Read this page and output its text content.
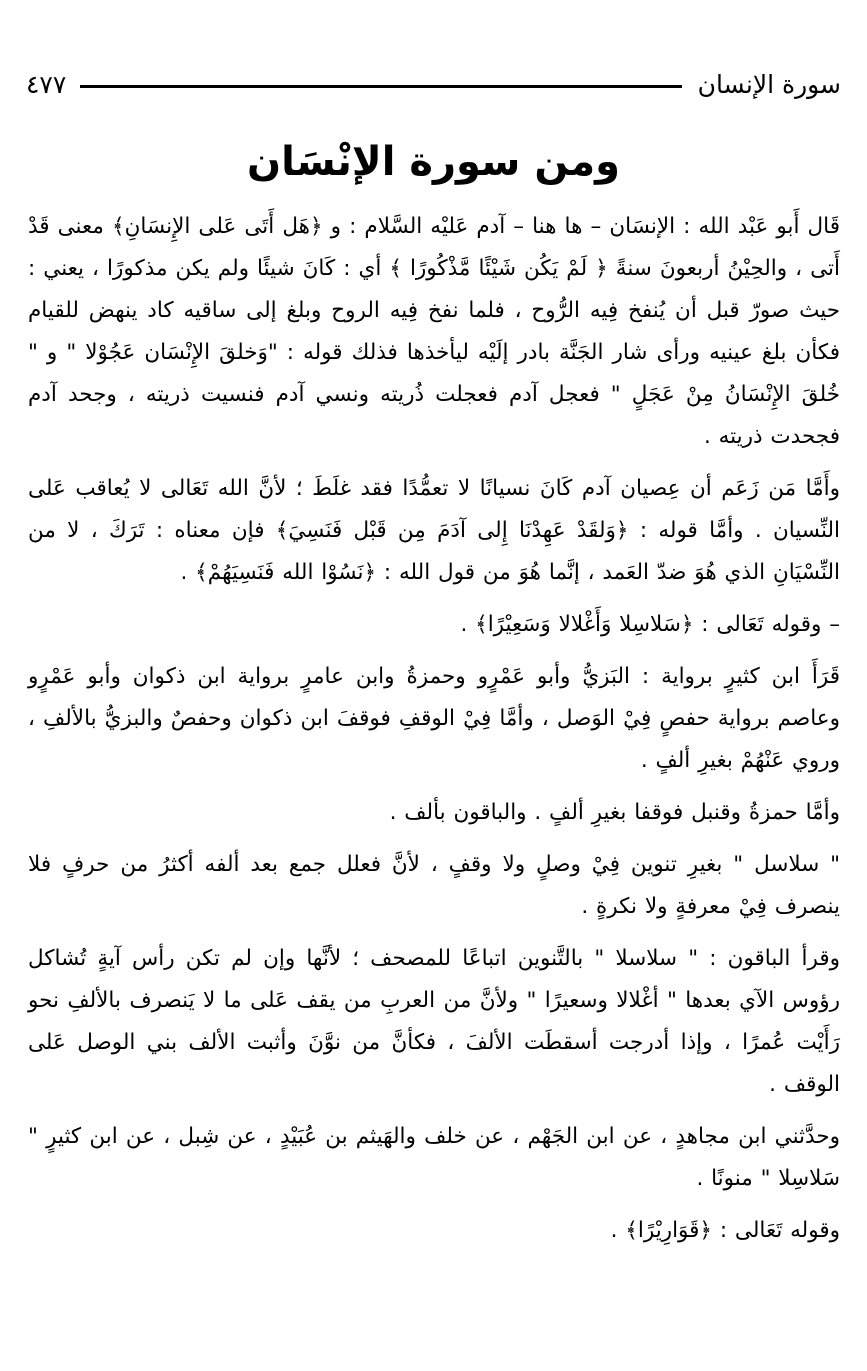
سورة الإنسان
٤٧٧
ومن سورة الإنْسَان

قَال أَبو عَبْد الله : الإنسَان – ها هنا – آدم عَليْه السَّلام : و ﴿هَل أَتَى عَلى الإِنسَانِ﴾ معنى قَدْ أَتى ، والحِيْنُ أربعونَ سنةً ﴿ لَمْ يَكُن شَيْئًا مَّذْكُورًا ﴾ أي : كَانَ شيئًا ولم يكن مذكورًا ، يعني : حيث صورّ قبل أن يُنفخ فِيه الرُّوح ، فلما نفخ فِيه الروح وبلغ إلى ساقيه كاد ينهض للقيام فكأن بلغ عينيه ورأى شار الجَنَّة بادر إلَيْه ليأخذها فذلك قوله : "وَخلقَ الإِنْسَان عَجُوْلا " و " خُلقَ الإِنْسَانُ مِنْ عَجَلٍ " فعجل آدم فعجلت ذُريته ونسي آدم فنسيت ذريته ، وجحد آدم فجحدت ذريته .

وأَمَّا مَن زَعَم أن عِصيان آدم كَانَ نسيانًا لا تعمُّدًا فقد غلَطَ ؛ لأنَّ الله تَعَالى لا يُعاقب عَلى النِّسيان . وأمَّا قوله : ﴿وَلقَدْ عَهِدْنَا إِلى آدَمَ مِن قَبْل فَنَسِيَ﴾ فإن معناه : تَرَكَ ، لا من النِّسْيَانِ الذي هُوَ ضدّ العَمد ، إنَّما هُوَ من قول الله : ﴿نَسُوْا الله فَنَسِيَهُمْ﴾ .

– وقوله تَعَالى : ﴿سَلاسِلا وَأَغْلالا وَسَعِيْرًا﴾ .

قَرَأَ ابن كثيرٍ برواية : البَزيُّ وأبو عَمْرٍو وحمزةُ وابن عامرٍ برواية ابن ذكوان وأبو عَمْرٍو وعاصم برواية حفصٍ فِيْ الوَصل ، وأمَّا فِيْ الوقفِ فوقفَ ابن ذكوان وحفصٌ والبزيُّ بالألفِ ، وروي عَنْهُمْ بغيرِ ألفٍ .

وأمَّا حمزةُ وقنبل فوقفا بغيرِ ألفٍ . والباقون بألف .

" سلاسل " بغيرِ تنوين فِيْ وصلٍ ولا وقفٍ ، لأنَّ فعلل جمع بعد ألفه أكثرُ من حرفٍ فلا ينصرف فِيْ معرفةٍ ولا نكرةٍ .

وقرأ الباقون : " سلاسلا " بالتَّنوين اتباعًا للمصحف ؛ لأنَّها وإن لم تكن رأس آيةٍ تُشاكل رؤوس الآي بعدها " أغْلالا وسعيرًا " ولأنَّ من العربِ من يقف عَلى ما لا يَنصرف بالألفِ نحو رَأَيْت عُمرًا ، وإذا أدرجت أسقطَت الألفَ ، فكأنَّ من نوَّنَ وأثبت الألف بني الوصل عَلى الوقف .

وحدَّثني ابن مجاهدٍ ، عن ابن الجَهْم ، عن خلف والهَيثم بن عُبَيْدٍ ، عن شِبل ، عن ابن كثيرٍ " سَلاسِلا " منونًا .

وقوله تَعَالى : ﴿قَوَارِيْرًا﴾ .
